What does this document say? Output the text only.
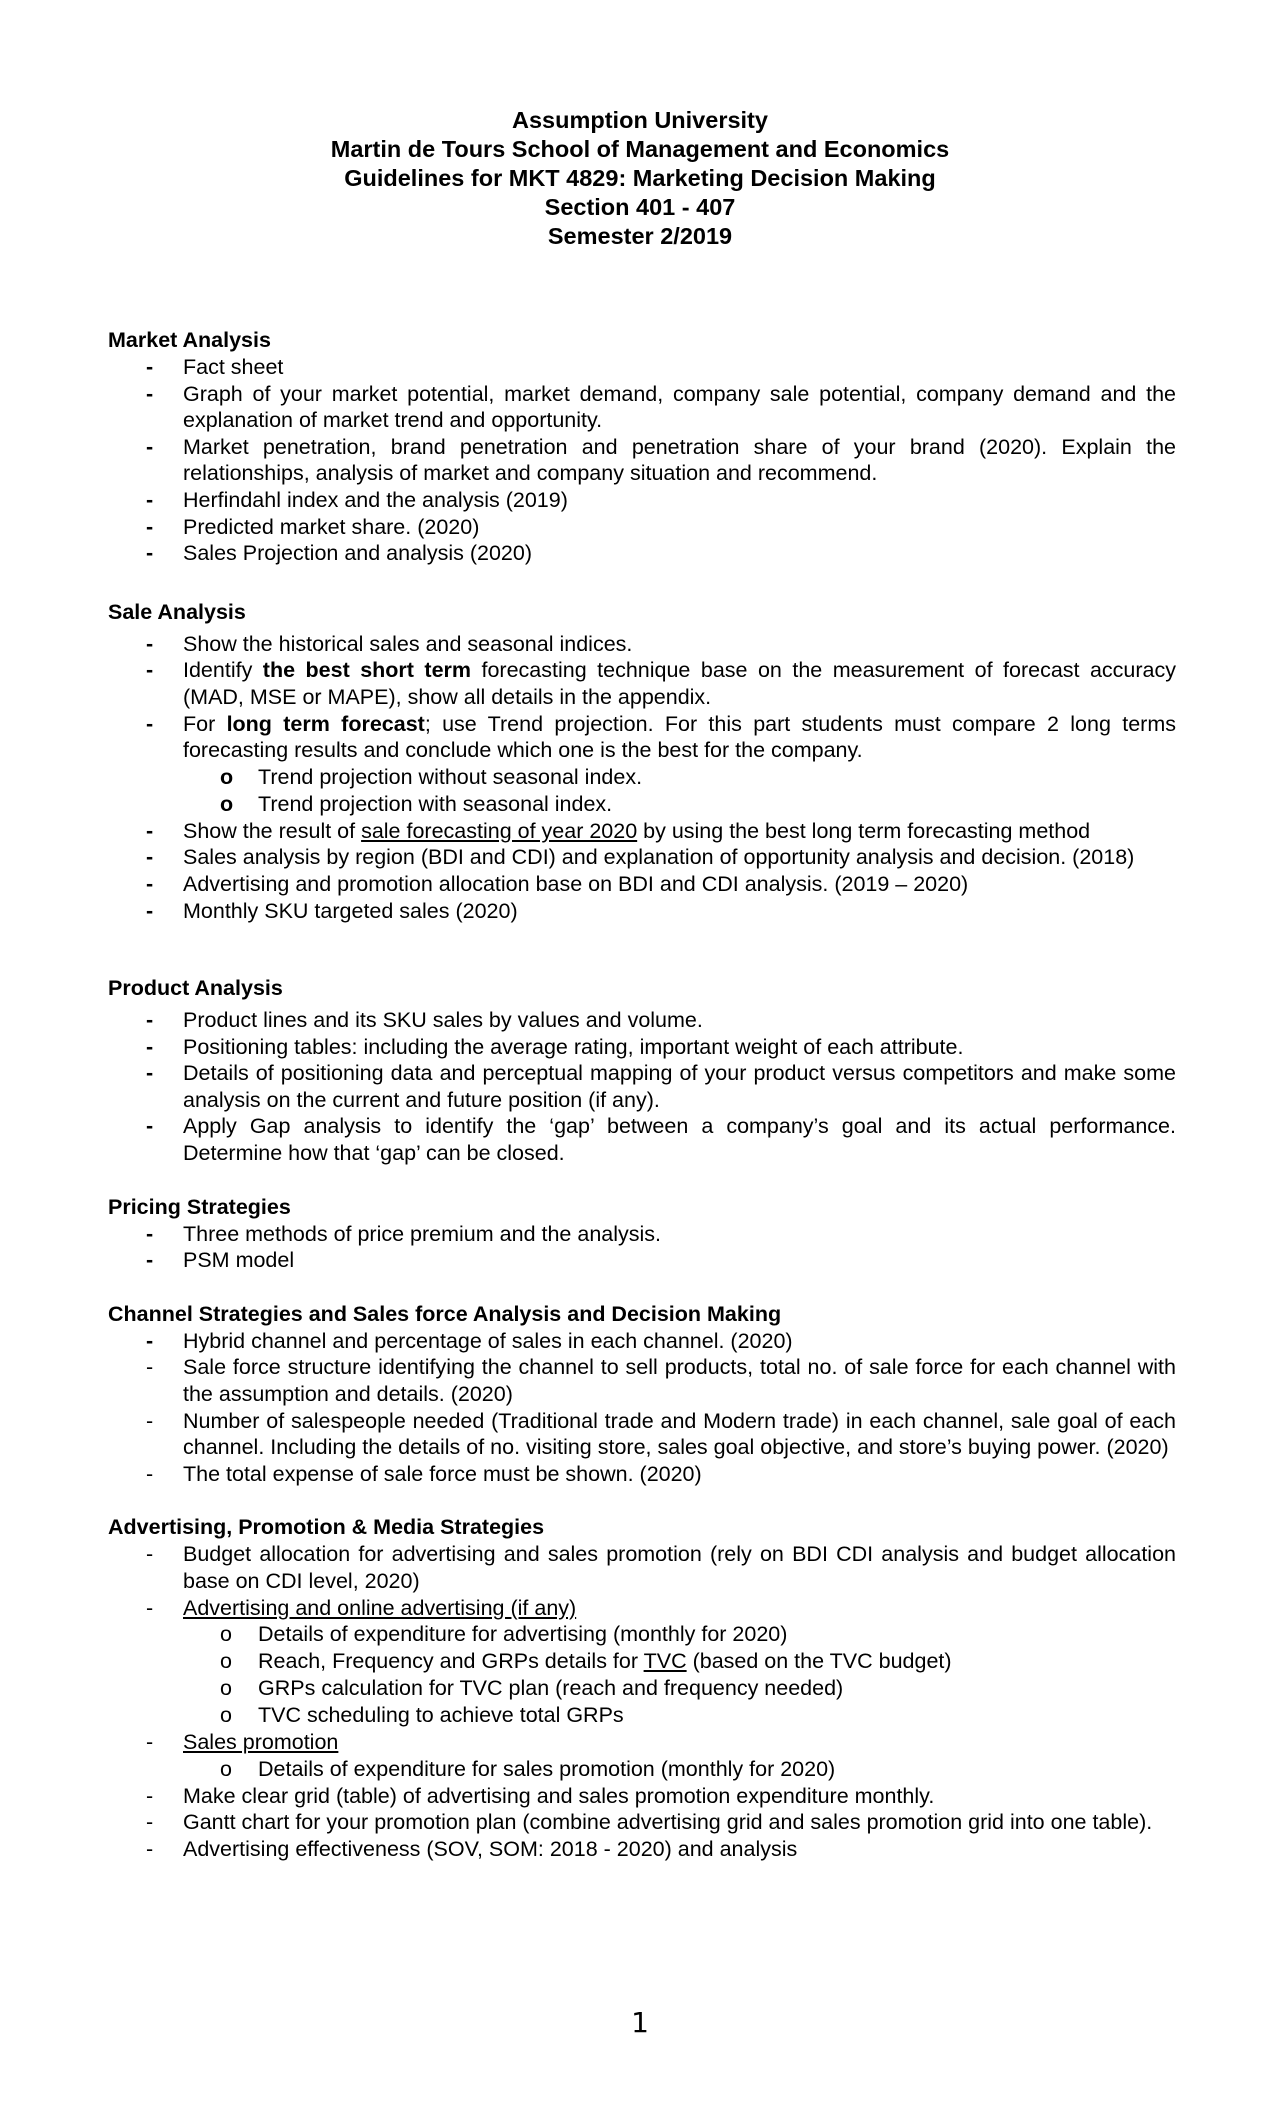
Assumption University
Martin de Tours School of Management and Economics
Guidelines for MKT 4829: Marketing Decision Making
Section 401 - 407
Semester 2/2019
Market Analysis
- Fact sheet
- Graph of your market potential, market demand, company sale potential, company demand and the explanation of market trend and opportunity.
- Market penetration, brand penetration and penetration share of your brand (2020). Explain the relationships, analysis of market and company situation and recommend.
- Herfindahl index and the analysis (2019)
- Predicted market share. (2020)
- Sales Projection and analysis (2020)
Sale Analysis
- Show the historical sales and seasonal indices.
- Identify the best short term forecasting technique base on the measurement of forecast accuracy (MAD, MSE or MAPE), show all details in the appendix.
- For long term forecast; use Trend projection. For this part students must compare 2 long terms forecasting results and conclude which one is the best for the company.
o Trend projection without seasonal index.
o Trend projection with seasonal index.
- Show the result of sale forecasting of year 2020 by using the best long term forecasting method
- Sales analysis by region (BDI and CDI) and explanation of opportunity analysis and decision. (2018)
- Advertising and promotion allocation base on BDI and CDI analysis. (2019 – 2020)
- Monthly SKU targeted sales (2020)
Product Analysis
- Product lines and its SKU sales by values and volume.
- Positioning tables: including the average rating, important weight of each attribute.
- Details of positioning data and perceptual mapping of your product versus competitors and make some analysis on the current and future position (if any).
- Apply Gap analysis to identify the ‘gap’ between a company’s goal and its actual performance. Determine how that ‘gap’ can be closed.
Pricing Strategies
- Three methods of price premium and the analysis.
- PSM model
Channel Strategies and Sales force Analysis and Decision Making
- Hybrid channel and percentage of sales in each channel. (2020)
- Sale force structure identifying the channel to sell products, total no. of sale force for each channel with the assumption and details. (2020)
- Number of salespeople needed (Traditional trade and Modern trade) in each channel, sale goal of each channel. Including the details of no. visiting store, sales goal objective, and store’s buying power. (2020)
- The total expense of sale force must be shown. (2020)
Advertising, Promotion & Media Strategies
- Budget allocation for advertising and sales promotion (rely on BDI CDI analysis and budget allocation base on CDI level, 2020)
- Advertising and online advertising (if any)
o Details of expenditure for advertising (monthly for 2020)
o Reach, Frequency and GRPs details for TVC (based on the TVC budget)
o GRPs calculation for TVC plan (reach and frequency needed)
o TVC scheduling to achieve total GRPs
- Sales promotion
o Details of expenditure for sales promotion (monthly for 2020)
- Make clear grid (table) of advertising and sales promotion expenditure monthly.
- Gantt chart for your promotion plan (combine advertising grid and sales promotion grid into one table).
- Advertising effectiveness (SOV, SOM: 2018 - 2020) and analysis
1
